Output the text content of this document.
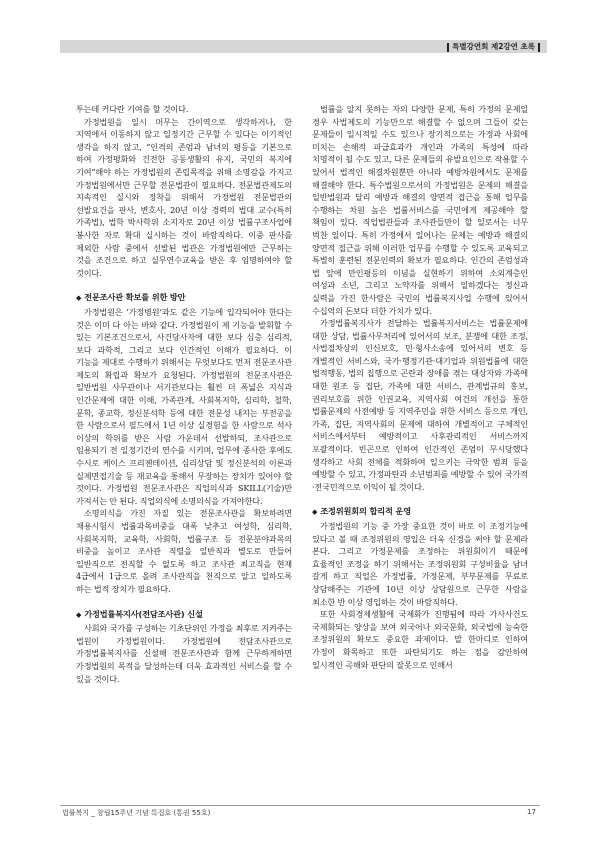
특별강연회 제2강연 초록

투는데 커다란 기여를 할 것이다.

가정법원을 일시 머무는 간이역으로 생각하거나, 한 지역에서 이동하지 않고 일정기간 근무할 수 있다는 이기적인 생각을 하지 않고, “인격의 존엄과 남녀의 평등을 기본으로 하여 가정평화와 건전한 공동생활의 유지, 국민의 복지에 기여”해야 하는 가정법원의 존립목적을 위해 소명감을 가지고 가정법원에서만 근무할 전문법관이 필요하다. 전문법관제도의 지속적인 실시와 정착을 위해서 가정법원 전문법관의 선발요건을 판사, 변호사, 20년 이상 경력의 법대 교수(특히 가족법), 법학 박사학위 소지자로 20년 이상 법률구조사업에 봉사한 자로 확대 실시하는 것이 바람직하다. 이중 판사를 제외한 사람 중에서 선발된 법관은 가정법원에만 근무하는 것을 조건으로 하고 실무연수교육을 받은 후 임명하여야 할 것이다.

◆ 전문조사관 확보를 위한 방안

가정법원은 ‘가정병원’과도 같은 기능에 입각되어야 한다는 것은 이미 다 아는 바와 같다. 가정법원이 제 기능을 발휘할 수 있는 기본조건으로서, 사건당사자에 대한 보다 심층 심리적, 보다 과학적, 그리고 보다 인간적인 이해가 필요하다. 이 기능을 제대로 수행하기 위해서는 무엇보다도 먼저 전문조사관 제도의 확립과 확보가 요청된다. 가정법원의 전문조사관은 일반법원 사무관이나 서기관보다는 훨씬 더 폭넓은 지식과 인간문제에 대한 이해, 가족관계, 사회복지학, 심리학, 철학, 문학, 종교학, 정신분석학 등에 대한 전문성 내지는 부전공을 한 사람으로서 필드에서 1년 이상 실경험을 한 사람으로 석사 이상의 학위를 받은 사람 가운데서 선발하되, 조사관으로 임용되기 전 일정기간의 연수를 시키며, 업무에 종사한 후에도 수시로 케이스 프리젠테이션, 심리상담 및 정신분석의 이론과 실제면접기술 등 재교육을 통해서 무장하는 장치가 있어야 할 것이다. 가정법원 전문조사관은 직업의식과 SKILL(기술)만 가져서는 안 된다. 직업의식에 소명의식을 가져야한다.

소명의식을 가진 자질 있는 전문조사관을 확보하려면 채용시험시 법률과목비중을 대폭 낮추고 여성학, 심리학, 사회복지학, 교육학, 사회학, 법률구조 등 전문분야과목의 비중을 높이고 조사관 직렬을 일반직과 별도로 만들어 일반직으로 전직할 수 없도록 하고 조사관 최고직을 현재 4급에서 1급으로 올려 조사관직을 천직으로 알고 일하도록 하는 법적 장치가 필요하다.

◆ 가정법률복지사(전담조사관) 신설

사회와 국가를 구성하는 기초단위인 가정을 최후로 지켜주는 법원이 가정법원이다. 가정법원에 전담조사관으로 가정법률복지사를 신설해 전문조사관과 함께 근무하게하면 가정법원의 목적을 달성하는데 더욱 효과적인 서비스를 할 수 있을 것이다.

법률을 알지 못하는 자의 다양한 문제, 특히 가정의 문제일 경우 사법제도의 기능만으로 해결할 수 없으며 그들이 갖는 문제들이 일시적일 수도 있으나 장기적으로는 가정과 사회에 미치는 손해적 파급효과가 개인과 가족의 특성에 따라 치명적이 될 수도 있고, 다른 문제들의 유발요인으로 작용할 수 있어서 법적인 해결차원뿐만 아니라 예방차원에서도 문제를 해결해야 한다. 특수법원으로서의 가정법원은 문제의 해결을 일반법원과 달리 예방과 해결의 양면적 접근을 통해 업무를 수행하는 차원 높은 법률서비스를 국민에게 제공해야 할 책임이 있다. 직업법관들과 조사관들만이 할 일로서는 너무 벅찬 일이다. 특히 가정에서 일어나는 문제는 예방과 해결의 양면적 접근을 위해 이러한 업무를 수행할 수 있도록 교육되고 특별히 훈련된 전문인력의 확보가 필요하다. 인간의 존엄성과 법 앞에 만인평등의 이념을 실현하기 위하여 소외계층인 여성과 소년, 그리고 노약자를 위해서 일하겠다는 정신과 실력을 가진 한사람은 국민의 법률복지사업 수행에 있어서 수십억의 돈보다 더한 가치가 있다.

가정법률복지사가 전달하는 법률복지서비스는 법률문제에 대한 상담, 법률사무처리에 있어서의 보조, 분쟁에 대한 조정, 사법절차상의 인신보호, 민·형사소송에 있어서의 변호 등 개별적인 서비스와, 국가·행정기관·대기업과 위원법률에 대한 법적행동, 법의 집행으로 곤란과 장애를 겪는 대상자와 가족에 대한 원조 등 집단, 가족에 대한 서비스, 관계법규의 홍보, 권리보호를 위한 인권교육, 지역사회 여건의 개선을 통한 법률문제의 사전예방 등 지역주민을 위한 서비스 등으로 개인, 가족, 집단, 지역사회의 문제에 대하여 개별적이고 구체적인 서비스에서부터 예방적이고 사후관리적인 서비스까지 포괄적이다. 빈곤으로 인하여 인간적인 존엄이 무시당했다 생각하고 사회 전체를 적화하여 일으키는 극악한 범죄 등을 예방할 수 있고, 가정파탄과 소년범죄를 예방할 수 있어 국가적·전국민적으로 이익이 될 것이다.

◆ 조정위원회의 합리적 운영

가정법원의 기능 중 가장 중요한 것이 바로 이 조정기능에 있다고 볼 때 조정위원의 영입은 더욱 신경을 써야 할 문제라 본다. 그리고 가정문제를 조정하는 위원회이기 때문에 효율적인 조정을 하기 위해서는 조정위원회 구성비율을 남녀 갈게 하고 직업은 가정법률, 가정문제, 부부문제를 무료로 상담해주는 기관에 10년 이상 상담원으로 근무한 사람을 최소한 반 이상 영입하는 것이 바람직하다.

또한 사회경제생활에 국제화가 진행됨에 따라 가사사건도 국제화되는 양상을 보여 외국어나 외국문화, 외국법에 능숙한 조정위원의 확보도 중요한 과제이다. 말 한마디로 인하여 가정이 화목하고 또한 파탄되기도 하는 점을 감안하여 일시적인 곡해와 판단의 잘못으로 인해서

법률복지 _ 창립15주년 기념 특집호 (통권 55호)	17
